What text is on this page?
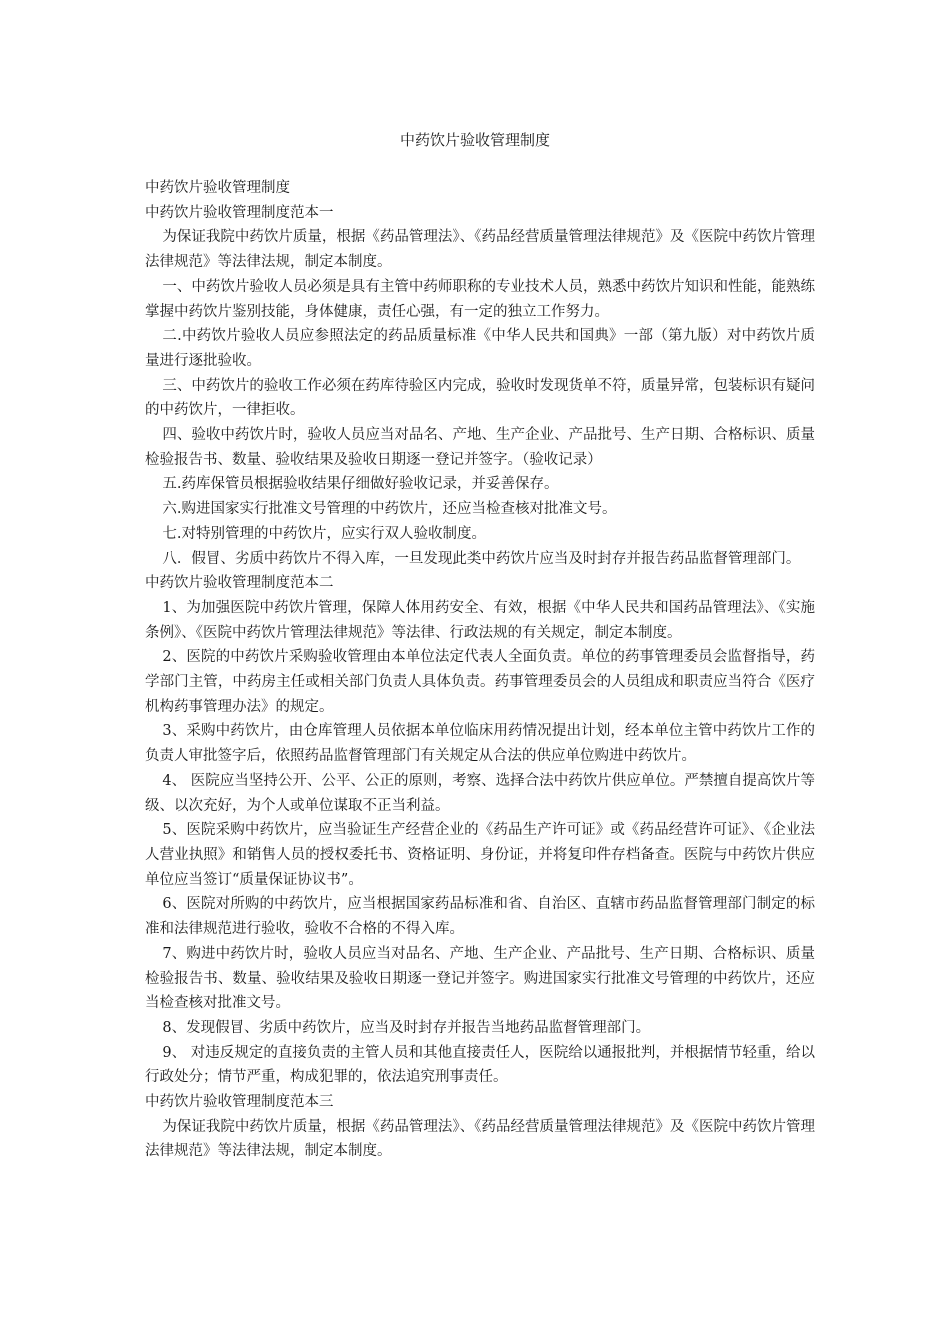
中药饮片验收管理制度

中药饮片验收管理制度

中药饮片验收管理制度范本一

为保证我院中药饮片质量，根据《药品管理法》、《药品经营质量管理法律规范》及《医院中药饮片管理法律规范》等法律法规，制定本制度。

一、中药饮片验收人员必须是具有主管中药师职称的专业技术人员，熟悉中药饮片知识和性能，能熟练掌握中药饮片鉴别技能，身体健康，责任心强，有一定的独立工作努力。

二.中药饮片验收人员应参照法定的药品质量标准《中华人民共和国典》一部（第九版）对中药饮片质量进行逐批验收。

三、中药饮片的验收工作必须在药库待验区内完成，验收时发现货单不符，质量异常，包装标识有疑问的中药饮片，一律拒收。

四、验收中药饮片时，验收人员应当对品名、产地、生产企业、产品批号、生产日期、合格标识、质量检验报告书、数量、验收结果及验收日期逐一登记并签字。（验收记录）

五.药库保管员根据验收结果仔细做好验收记录，并妥善保存。

六.购进国家实行批准文号管理的中药饮片，还应当检查核对批准文号。

七.对特别管理的中药饮片，应实行双人验收制度。

八．假冒、劣质中药饮片不得入库，一旦发现此类中药饮片应当及时封存并报告药品监督管理部门。

中药饮片验收管理制度范本二

1、为加强医院中药饮片管理，保障人体用药安全、有效，根据《中华人民共和国药品管理法》、《实施条例》、《医院中药饮片管理法律规范》等法律、行政法规的有关规定，制定本制度。

2、医院的中药饮片采购验收管理由本单位法定代表人全面负责。单位的药事管理委员会监督指导，药学部门主管，中药房主任或相关部门负责人具体负责。药事管理委员会的人员组成和职责应当符合《医疗机构药事管理办法》的规定。

3、采购中药饮片，由仓库管理人员依据本单位临床用药情况提出计划，经本单位主管中药饮片工作的负责人审批签字后，依照药品监督管理部门有关规定从合法的供应单位购进中药饮片。

4、 医院应当坚持公开、公平、公正的原则，考察、选择合法中药饮片供应单位。严禁擅自提高饮片等级、以次充好，为个人或单位谋取不正当利益。

5、医院采购中药饮片，应当验证生产经营企业的《药品生产许可证》或《药品经营许可证》、《企业法人营业执照》和销售人员的授权委托书、资格证明、身份证，并将复印件存档备查。医院与中药饮片供应单位应当签订“质量保证协议书”。

6、医院对所购的中药饮片，应当根据国家药品标准和省、自治区、直辖市药品监督管理部门制定的标准和法律规范进行验收，验收不合格的不得入库。

7、购进中药饮片时，验收人员应当对品名、产地、生产企业、产品批号、生产日期、合格标识、质量检验报告书、数量、验收结果及验收日期逐一登记并签字。购进国家实行批准文号管理的中药饮片，还应当检查核对批准文号。

8、发现假冒、劣质中药饮片，应当及时封存并报告当地药品监督管理部门。

9、 对违反规定的直接负责的主管人员和其他直接责任人，医院给以通报批判，并根据情节轻重，给以行政处分；情节严重，构成犯罪的，依法追究刑事责任。

中药饮片验收管理制度范本三

为保证我院中药饮片质量，根据《药品管理法》、《药品经营质量管理法律规范》及《医院中药饮片管理法律规范》等法律法规，制定本制度。
